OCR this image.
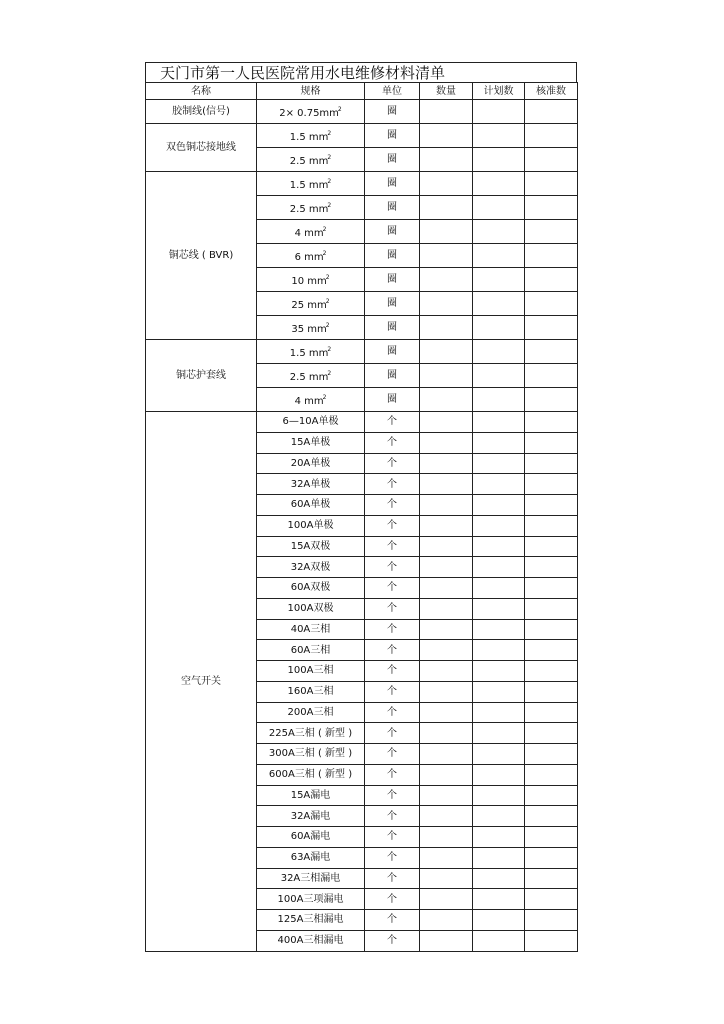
天门市第一人民医院常用水电维修材料清单
名称	规格	单位	数量	计划数	核准数
胶制线(信号)	$2\times 0.75mm^2$	圈			
双色铜芯接地线	1.5 $mm^2$	圈			
	2.5 $mm^2$	圈			
铜芯线 ( BVR)	1.5 $mm^2$	圈			
	2.5 $mm^2$	圈			
	4 $mm^2$	圈			
	6 $mm^2$	圈			
	10 $mm^2$	圈			
	25 $mm^2$	圈			
	35 $mm^2$	圈			
铜芯护套线	1.5 $mm^2$	圈			
	2.5 $mm^2$	圈			
	4 $mm^2$	圈			
空气开关	6—10A单极	个			
	15A单极	个			
	20A单极	个			
	32A单极	个			
	60A单极	个			
	100A单极	个			
	15A双极	个			
	32A双极	个			
	60A双极	个			
	100A双极	个			
	40A三相	个			
	60A三相	个			
	100A三相	个			
	160A三相	个			
	200A三相	个			
	225A三相 ( 新型 )	个			
	300A三相 ( 新型 )	个			
	600A三相 ( 新型 )	个			
	15A漏电	个			
	32A漏电	个			
	60A漏电	个			
	63A漏电	个			
	32A三相漏电	个			
	100A三项漏电	个			
	125A三相漏电	个			
	400A三相漏电	个			
